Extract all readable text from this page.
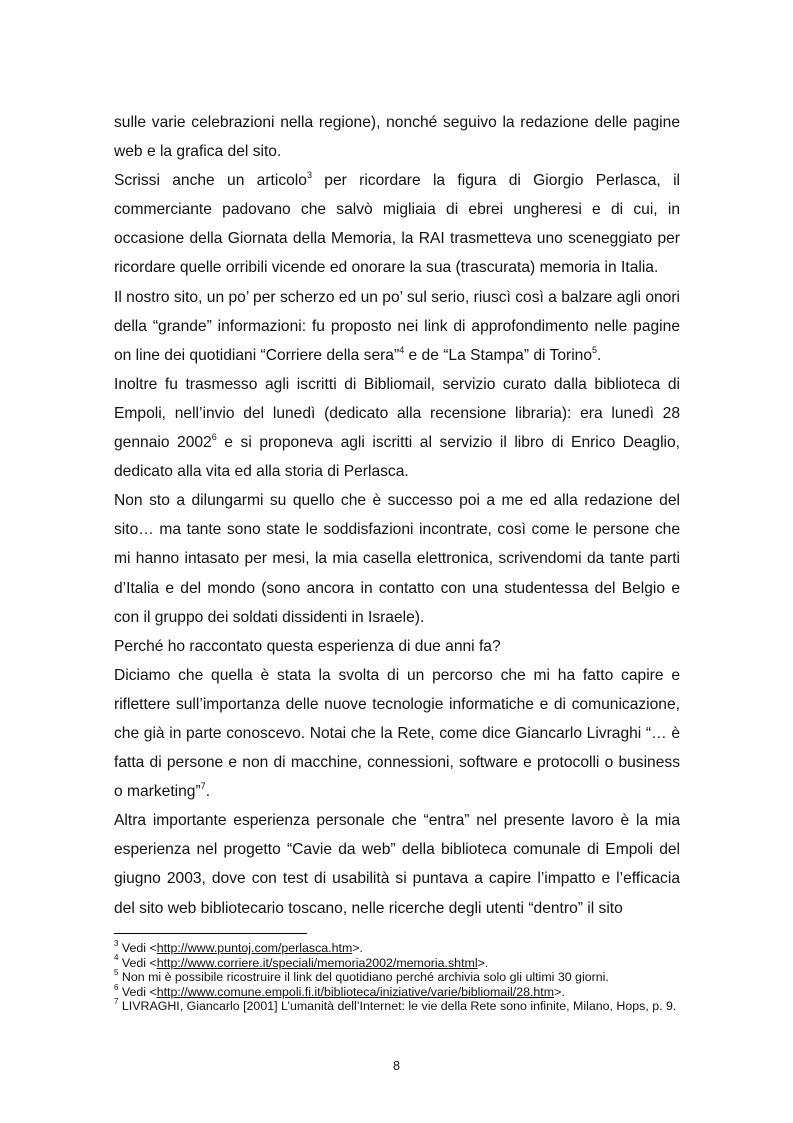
sulle varie celebrazioni nella regione), nonché seguivo la redazione delle pagine web e la grafica del sito.

Scrissi anche un articolo$^3$ per ricordare la figura di Giorgio Perlasca, il commerciante padovano che salvò migliaia di ebrei ungheresi e di cui, in occasione della Giornata della Memoria, la RAI trasmetteva uno sceneggiato per ricordare quelle orribili vicende ed onorare la sua (trascurata) memoria in Italia.

Il nostro sito, un po’ per scherzo ed un po’ sul serio, riuscì così a balzare agli onori della “grande” informazioni: fu proposto nei link di approfondimento nelle pagine on line dei quotidiani “Corriere della sera”$^4$ e de “La Stampa” di Torino$^5$.

Inoltre fu trasmesso agli iscritti di Bibliomail, servizio curato dalla biblioteca di Empoli, nell’invio del lunedì (dedicato alla recensione libraria): era lunedì 28 gennaio 2002$^6$ e si proponeva agli iscritti al servizio il libro di Enrico Deaglio, dedicato alla vita ed alla storia di Perlasca.

Non sto a dilungarmi su quello che è successo poi a me ed alla redazione del sito… ma tante sono state le soddisfazioni incontrate, così come le persone che mi hanno intasato per mesi, la mia casella elettronica, scrivendomi da tante parti d’Italia e del mondo (sono ancora in contatto con una studentessa del Belgio e con il gruppo dei soldati dissidenti in Israele).

Perché ho raccontato questa esperienza di due anni fa?

Diciamo che quella è stata la svolta di un percorso che mi ha fatto capire e riflettere sull’importanza delle nuove tecnologie informatiche e di comunicazione, che già in parte conoscevo. Notai che la Rete, come dice Giancarlo Livraghi “… è fatta di persone e non di macchine, connessioni, software e protocolli o business o marketing”$^7$.

Altra importante esperienza personale che “entra” nel presente lavoro è la mia esperienza nel progetto “Cavie da web” della biblioteca comunale di Empoli del giugno 2003, dove con test di usabilità si puntava a capire l’impatto e l’efficacia del sito web bibliotecario toscano, nelle ricerche degli utenti “dentro” il sito

$^3$ Vedi <http://www.puntoj.com/perlasca.htm>.

$^4$ Vedi <http://www.corriere.it/speciali/memoria2002/memoria.shtml>.

$^5$ Non mi è possibile ricostruire il link del quotidiano perché archivia solo gli ultimi 30 giorni.

$^6$ Vedi <http://www.comune.empoli.fi.it/biblioteca/iniziative/varie/bibliomail/28.htm>.

$^7$ LIVRAGHI, Giancarlo [2001] L’umanità dell’Internet: le vie della Rete sono infinite, Milano, Hops, p. 9.

8
